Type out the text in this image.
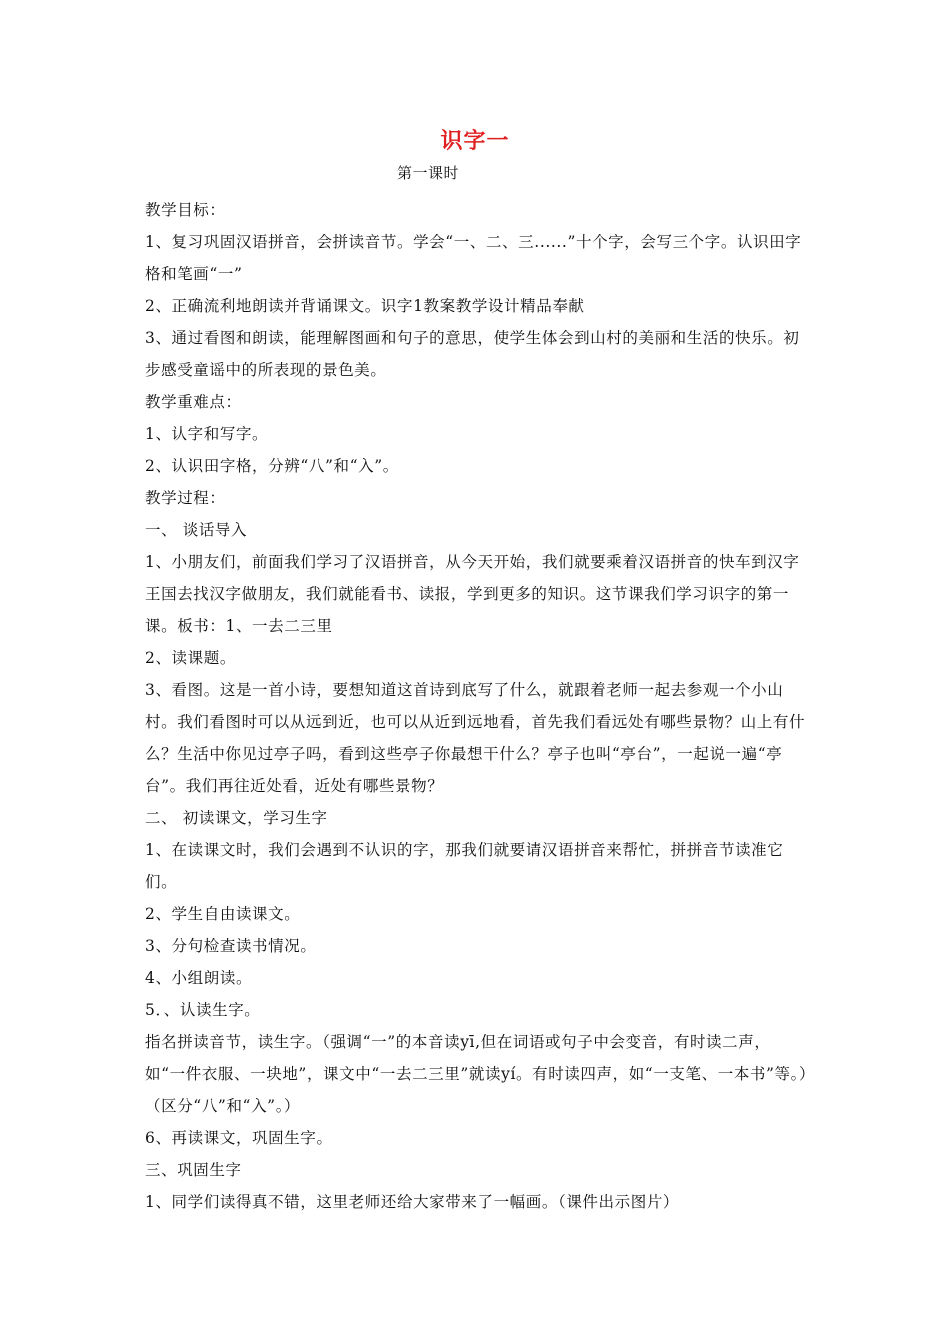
识字一
第一课时

教学目标：

1、复习巩固汉语拼音，会拼读音节。学会“一、二、三......”十个字，会写三个字。认识田字格和笔画“一”

2、正确流利地朗读并背诵课文。识字1教案教学设计精品奉献

3、通过看图和朗读，能理解图画和句子的意思，使学生体会到山村的美丽和生活的快乐。初步感受童谣中的所表现的景色美。

教学重难点：

1、认字和写字。

2、认识田字格，分辨“八”和“入”。

教学过程：

一、 谈话导入

1、小朋友们，前面我们学习了汉语拼音，从今天开始，我们就要乘着汉语拼音的快车到汉字王国去找汉字做朋友，我们就能看书、读报，学到更多的知识。这节课我们学习识字的第一课。板书：1、一去二三里

2、读课题。

3、看图。这是一首小诗，要想知道这首诗到底写了什么，就跟着老师一起去参观一个小山村。我们看图时可以从远到近，也可以从近到远地看，首先我们看远处有哪些景物？山上有什么？生活中你见过亭子吗，看到这些亭子你最想干什么？亭子也叫“亭台”，一起说一遍“亭台”。我们再往近处看，近处有哪些景物？

二、 初读课文，学习生字

1、在读课文时，我们会遇到不认识的字，那我们就要请汉语拼音来帮忙，拼拼音节读准它们。

2、学生自由读课文。

3、分句检查读书情况。

4、小组朗读。

5．、认读生字。

指名拼读音节，读生字。（强调“一”的本音读yī,但在词语或句子中会变音，有时读二声，如“一件衣服、一块地”，课文中“一去二三里”就读yí。有时读四声，如“一支笔、一本书”等。）（区分“八”和“入”。）

6、再读课文，巩固生字。

三、巩固生字

1、同学们读得真不错，这里老师还给大家带来了一幅画。（课件出示图片）
